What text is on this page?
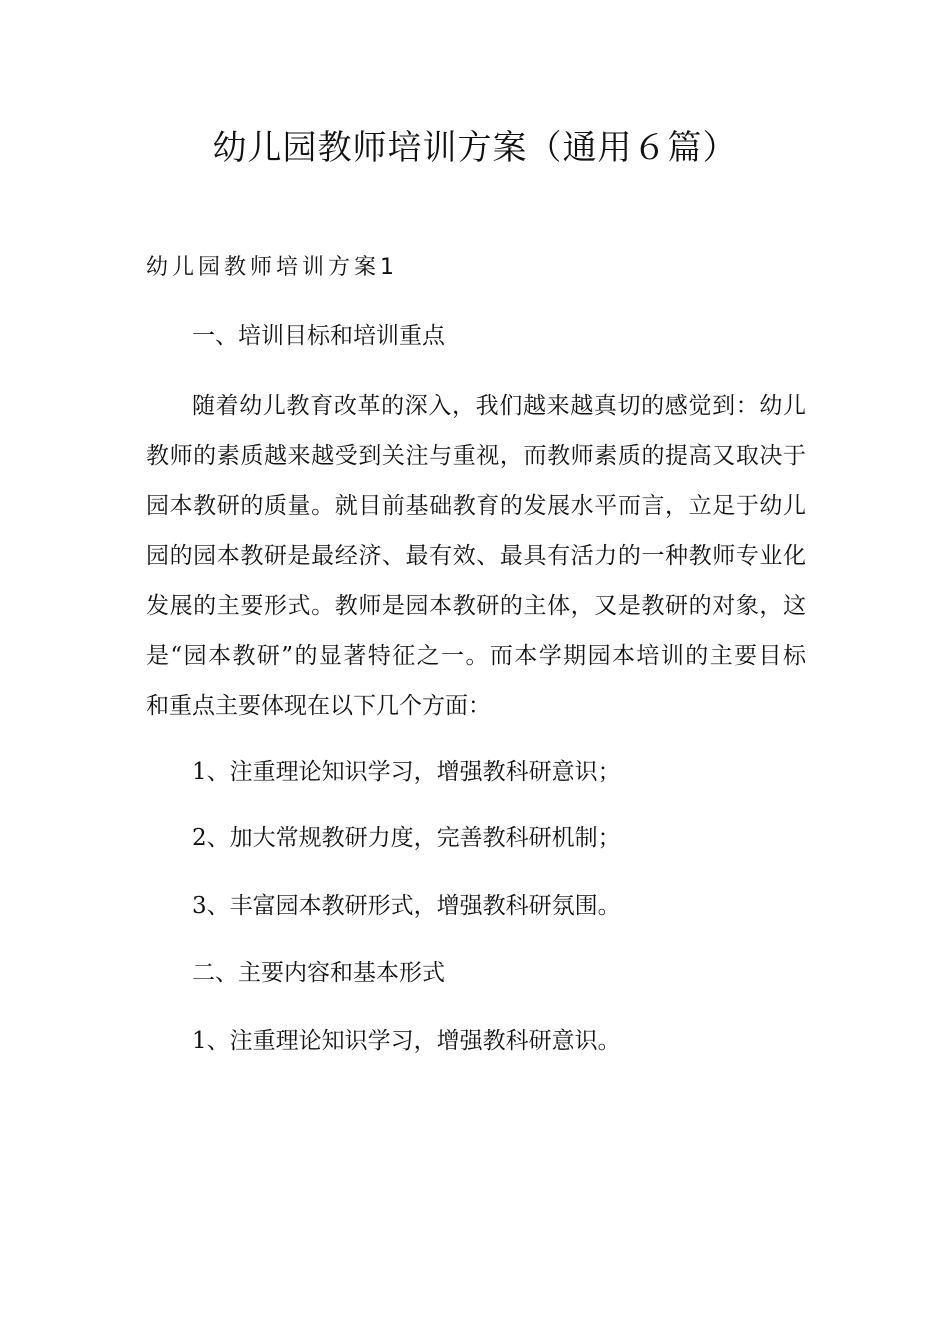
幼儿园教师培训方案（通用６篇）
幼儿园教师培训方案1
一、培训目标和培训重点
随着幼儿教育改革的深入，我们越来越真切的感觉到：幼儿
教师的素质越来越受到关注与重视，而教师素质的提高又取决于
园本教研的质量。就目前基础教育的发展水平而言，立足于幼儿
园的园本教研是最经济、最有效、最具有活力的一种教师专业化
发展的主要形式。教师是园本教研的主体，又是教研的对象，这
是“园本教研”的显著特征之一。而本学期园本培训的主要目标
和重点主要体现在以下几个方面：
1、注重理论知识学习，增强教科研意识；
2、加大常规教研力度，完善教科研机制；
3、丰富园本教研形式，增强教科研氛围。
二、主要内容和基本形式
1、注重理论知识学习，增强教科研意识。
